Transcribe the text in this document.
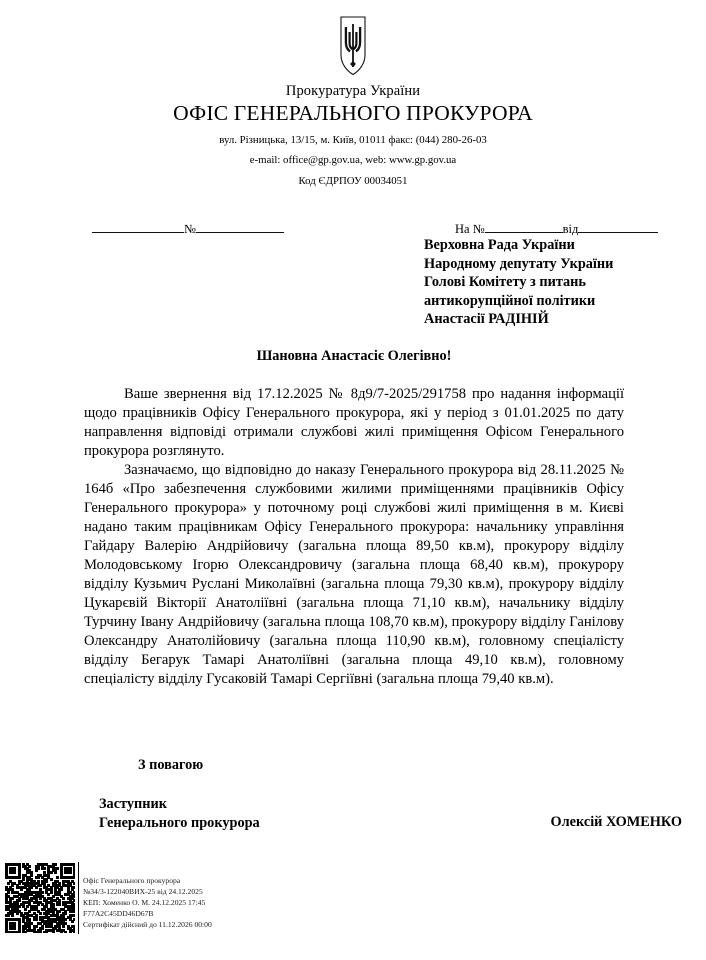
Прокуратура України
ОФІС ГЕНЕРАЛЬНОГО ПРОКУРОРА
вул. Різницька, 13/15, м. Київ, 01011 факс: (044) 280-26-03
e-mail: office@gp.gov.ua, web: www.gp.gov.ua
Код ЄДРПОУ 00034051
№	На №	від
Верховна Рада України
Народному депутату України
Голові Комітету з питань
антикорупційної політики
Анастасії РАДІНІЙ
Шановна Анастасіє Олегівно!

Ваше звернення від 17.12.2025 № 8д9/7-2025/291758 про надання інформації щодо працівників Офісу Генерального прокурора, які у період з 01.01.2025 по дату направлення відповіді отримали службові жилі приміщення Офісом Генерального прокурора розглянуто.

Зазначаємо, що відповідно до наказу Генерального прокурора від 28.11.2025 № 164б «Про забезпечення службовими жилими приміщеннями працівників Офісу Генерального прокурора» у поточному році службові жилі приміщення в м. Києві надано таким працівникам Офісу Генерального прокурора: начальнику управління Гайдару Валерію Андрійовичу (загальна площа 89,50 кв.м), прокурору відділу Молодовському Ігорю Олександровичу (загальна площа 68,40 кв.м), прокурору відділу Кузьмич Руслані Миколаївні (загальна площа 79,30 кв.м), прокурору відділу Цукарєвій Вікторії Анатоліївні (загальна площа 71,10 кв.м), начальнику відділу Турчину Івану Андрійовичу (загальна площа 108,70 кв.м), прокурору відділу Ганілову Олександру Анатолійовичу (загальна площа 110,90 кв.м), головному спеціалісту відділу Бегарук Тамарі Анатоліївні (загальна площа 49,10 кв.м), головному спеціалісту відділу Гусаковій Тамарі Сергіївні (загальна площа 79,40 кв.м).

З повагою
Заступник
Генерального прокурора	Олексій ХОМЕНКО
Офіс Генерального прокурора
№34/3-122040ВИХ-25 від 24.12.2025
КЕП: Хоменко О. М. 24.12.2025 17:45
F77A2C45DD46D67B
Сертифікат дійсний до 11.12.2026 00:00
